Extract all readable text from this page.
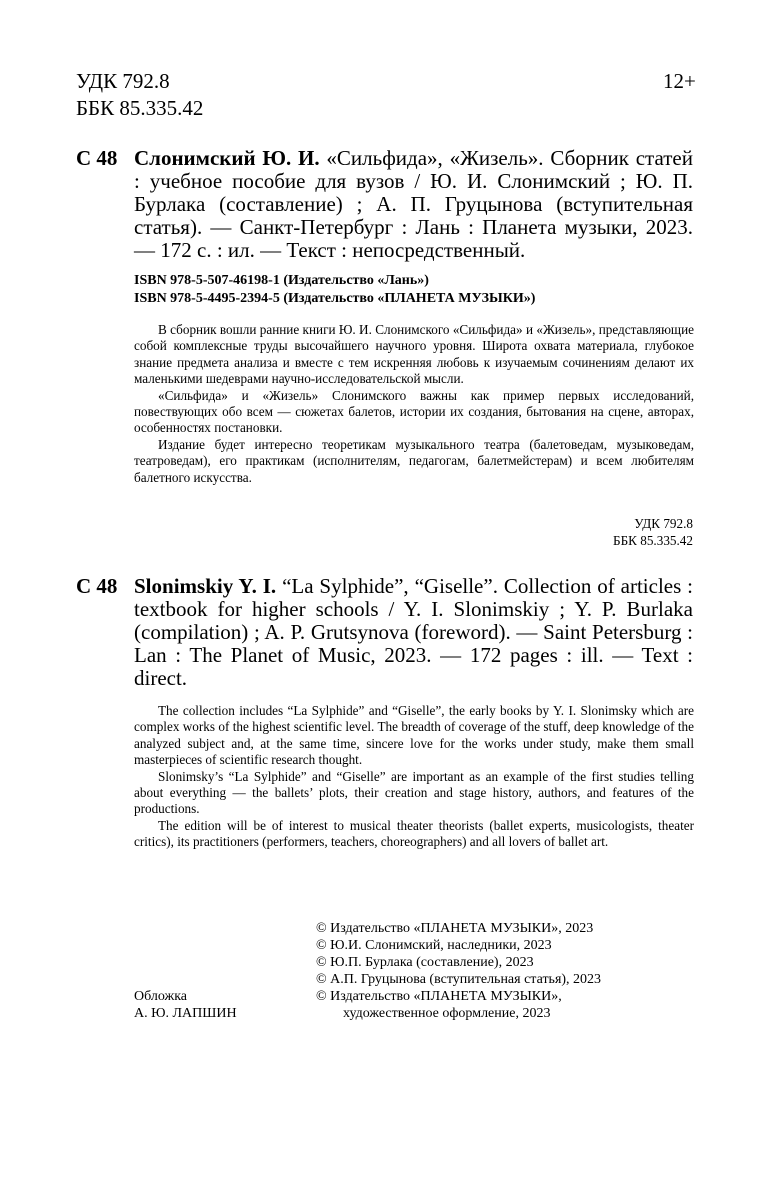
УДК 792.8
ББК 85.335.42
12+
С 48 Слонимский Ю. И. «Сильфида», «Жизель». Сборник статей : учебное пособие для вузов / Ю. И. Слонимский ; Ю. П. Бурлака (составление) ; А. П. Груцынова (вступительная статья). — Санкт-Петербург : Лань : Планета музыки, 2023. — 172 с. : ил. — Текст : непосредственный.
ISBN 978-5-507-46198-1 (Издательство «Лань»)
ISBN 978-5-4495-2394-5 (Издательство «ПЛАНЕТА МУЗЫКИ»)

В сборник вошли ранние книги Ю. И. Слонимского «Сильфида» и «Жизель», представляющие собой комплексные труды высочайшего научного уровня. Широта охвата материала, глубокое знание предмета анализа и вместе с тем искренняя любовь к изучаемым сочинениям делают их маленькими шедеврами научно-исследовательской мысли.

«Сильфида» и «Жизель» Слонимского важны как пример первых исследований, повествующих обо всем — сюжетах балетов, истории их создания, бытования на сцене, авторах, особенностях постановки.

Издание будет интересно теоретикам музыкального театра (балетоведам, музыковедам, театроведам), его практикам (исполнителям, педагогам, балетмейстерам) и всем любителям балетного искусства.

УДК 792.8
ББК 85.335.42
С 48 Slonimskiy Y. I. “La Sylphide”, “Giselle”. Collection of articles : textbook for higher schools / Y. I. Slonimskiy ; Y. P. Burlaka (compilation) ; A. P. Grutsynova (foreword). — Saint Petersburg : Lan : The Planet of Music, 2023. — 172 pages : ill. — Text : direct.

The collection includes “La Sylphide” and “Giselle”, the early books by Y. I. Slonimsky which are complex works of the highest scientific level. The breadth of coverage of the stuff, deep knowledge of the analyzed subject and, at the same time, sincere love for the works under study, make them small masterpieces of scientific research thought.

Slonimsky’s “La Sylphide” and “Giselle” are important as an example of the first studies telling about everything — the ballets’ plots, their creation and stage history, authors, and features of the productions.

The edition will be of interest to musical theater theorists (ballet experts, musicologists, theater critics), its practitioners (performers, teachers, choreographers) and all lovers of ballet art.

© Издательство «ПЛАНЕТА МУЗЫКИ», 2023
© Ю.И. Слонимский, наследники, 2023
© Ю.П. Бурлака (составление), 2023
© А.П. Груцынова (вступительная статья), 2023
© Издательство «ПЛАНЕТА МУЗЫКИ»,
художественное оформление, 2023
Обложка
А. Ю. ЛАПШИН
